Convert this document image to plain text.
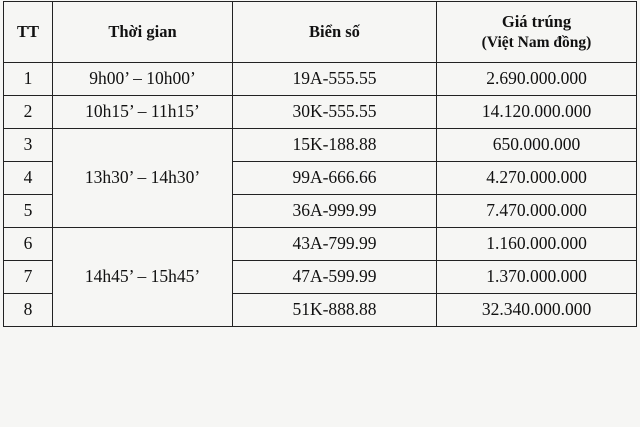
TT	Thời gian	Biển số	Giá trúng
(Việt Nam đồng)

1	9h00’ – 10h00’	19A-555.55	2.690.000.000
2	10h15’ – 11h15’	30K-555.55	14.120.000.000
3	13h30’ – 14h30’	15K-188.88	650.000.000
4		99A-666.66	4.270.000.000
5		36A-999.99	7.470.000.000
6	14h45’ – 15h45’	43A-799.99	1.160.000.000
7		47A-599.99	1.370.000.000
8		51K-888.88	32.340.000.000
